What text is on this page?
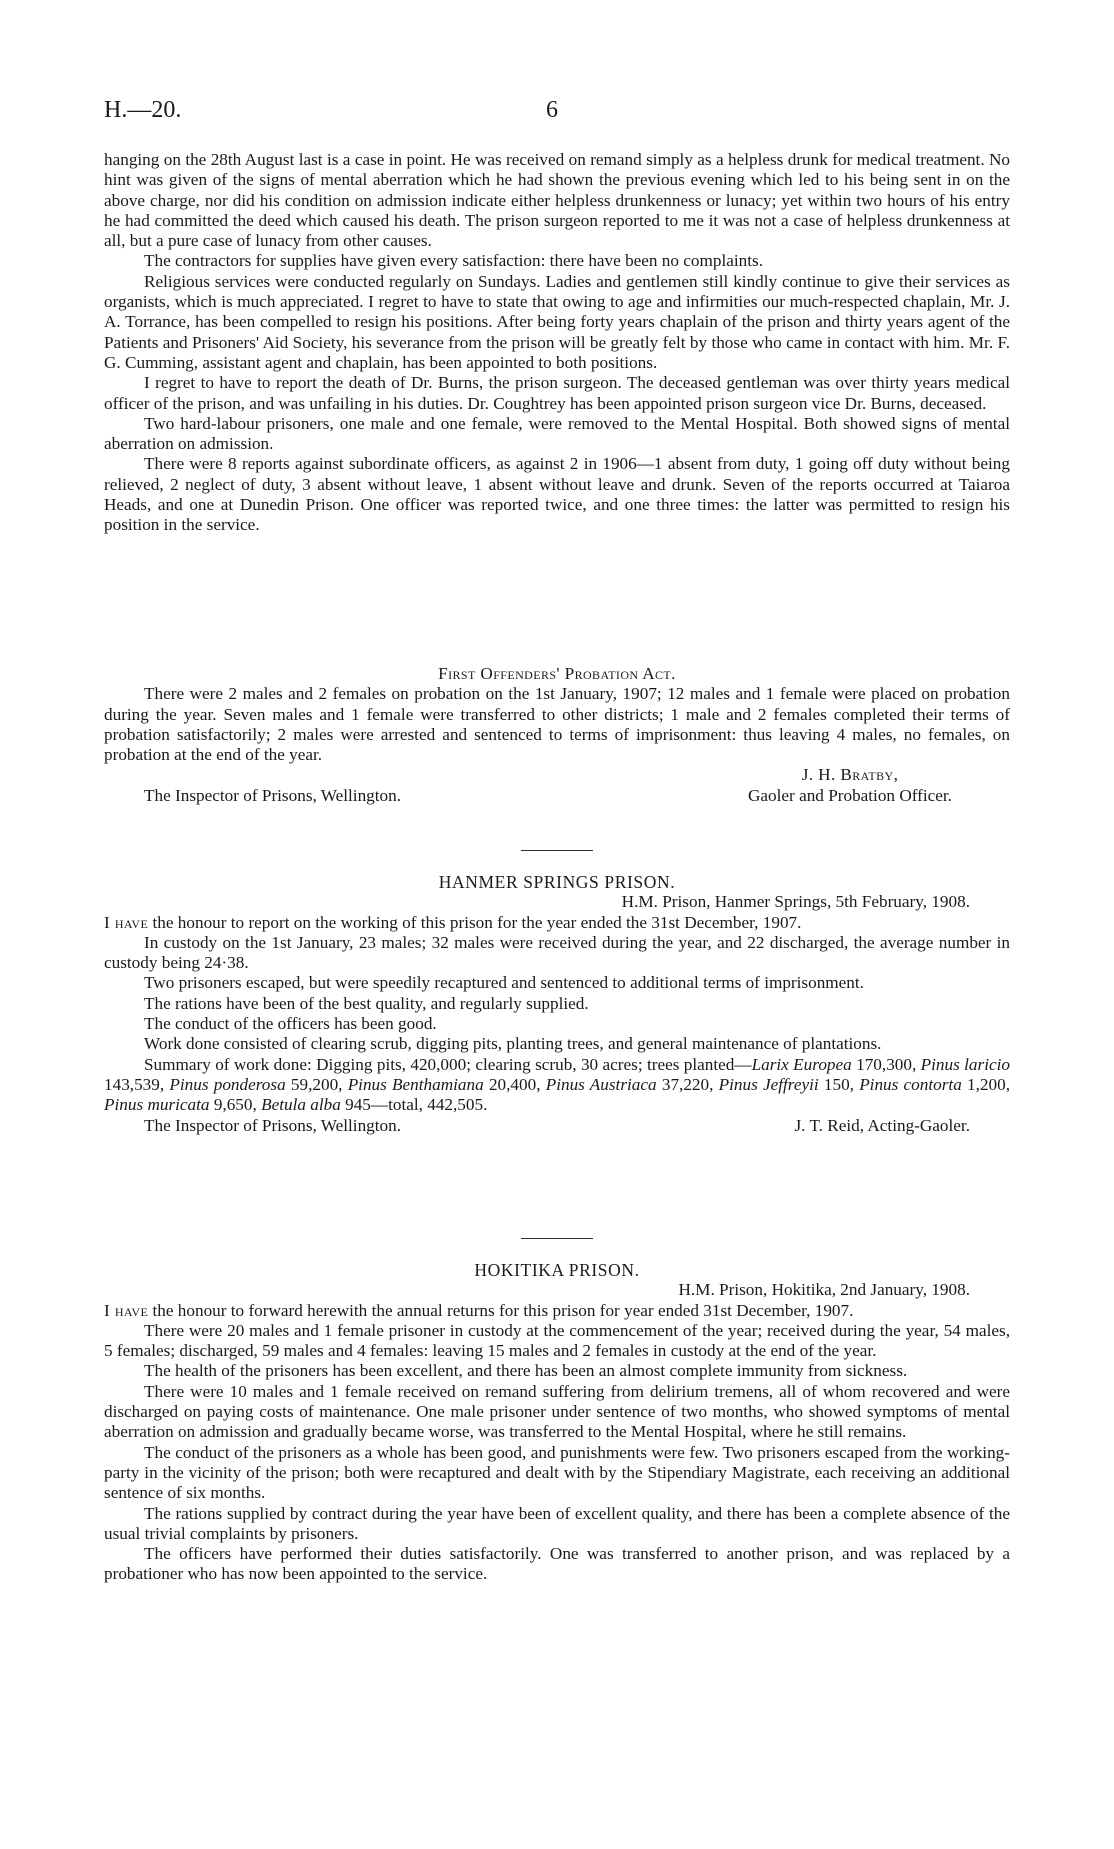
H.—20.	6

hanging on the 28th August last is a case in point. He was received on remand simply as a helpless drunk for medical treatment. No hint was given of the signs of mental aberration which he had shown the previous evening which led to his being sent in on the above charge, nor did his condition on admission indicate either helpless drunkenness or lunacy; yet within two hours of his entry he had committed the deed which caused his death. The prison surgeon reported to me it was not a case of helpless drunkenness at all, but a pure case of lunacy from other causes.

The contractors for supplies have given every satisfaction: there have been no complaints.

Religious services were conducted regularly on Sundays. Ladies and gentlemen still kindly continue to give their services as organists, which is much appreciated. I regret to have to state that owing to age and infirmities our much-respected chaplain, Mr. J. A. Torrance, has been compelled to resign his positions. After being forty years chaplain of the prison and thirty years agent of the Patients and Prisoners' Aid Society, his severance from the prison will be greatly felt by those who came in contact with him. Mr. F. G. Cumming, assistant agent and chaplain, has been appointed to both positions.

I regret to have to report the death of Dr. Burns, the prison surgeon. The deceased gentleman was over thirty years medical officer of the prison, and was unfailing in his duties. Dr. Coughtrey has been appointed prison surgeon vice Dr. Burns, deceased.

Two hard-labour prisoners, one male and one female, were removed to the Mental Hospital. Both showed signs of mental aberration on admission.

There were 8 reports against subordinate officers, as against 2 in 1906—1 absent from duty, 1 going off duty without being relieved, 2 neglect of duty, 3 absent without leave, 1 absent without leave and drunk. Seven of the reports occurred at Taiaroa Heads, and one at Dunedin Prison. One officer was reported twice, and one three times: the latter was permitted to resign his position in the service.

First Offenders' Probation Act.

There were 2 males and 2 females on probation on the 1st January, 1907; 12 males and 1 female were placed on probation during the year. Seven males and 1 female were transferred to other districts; 1 male and 2 females completed their terms of probation satisfactorily; 2 males were arrested and sentenced to terms of imprisonment: thus leaving 4 males, no females, on probation at the end of the year.

J. H. Bratby,
The Inspector of Prisons, Wellington.	Gaoler and Probation Officer.

HANMER SPRINGS PRISON.

H.M. Prison, Hanmer Springs, 5th February, 1908.

I have the honour to report on the working of this prison for the year ended the 31st December, 1907.

In custody on the 1st January, 23 males; 32 males were received during the year, and 22 discharged, the average number in custody being 24·38.

Two prisoners escaped, but were speedily recaptured and sentenced to additional terms of imprisonment.

The rations have been of the best quality, and regularly supplied.

The conduct of the officers has been good.

Work done consisted of clearing scrub, digging pits, planting trees, and general maintenance of plantations.

Summary of work done: Digging pits, 420,000; clearing scrub, 30 acres; trees planted—Larix Europea 170,300, Pinus laricio 143,539, Pinus ponderosa 59,200, Pinus Benthamiana 20,400, Pinus Austriaca 37,220, Pinus Jeffreyii 150, Pinus contorta 1,200, Pinus muricata 9,650, Betula alba 945—total, 442,505.

The Inspector of Prisons, Wellington.	J. T. Reid, Acting-Gaoler.

HOKITIKA PRISON.

H.M. Prison, Hokitika, 2nd January, 1908.

I have the honour to forward herewith the annual returns for this prison for year ended 31st December, 1907.

There were 20 males and 1 female prisoner in custody at the commencement of the year; received during the year, 54 males, 5 females; discharged, 59 males and 4 females: leaving 15 males and 2 females in custody at the end of the year.

The health of the prisoners has been excellent, and there has been an almost complete immunity from sickness.

There were 10 males and 1 female received on remand suffering from delirium tremens, all of whom recovered and were discharged on paying costs of maintenance. One male prisoner under sentence of two months, who showed symptoms of mental aberration on admission and gradually became worse, was transferred to the Mental Hospital, where he still remains.

The conduct of the prisoners as a whole has been good, and punishments were few. Two prisoners escaped from the working-party in the vicinity of the prison; both were recaptured and dealt with by the Stipendiary Magistrate, each receiving an additional sentence of six months.

The rations supplied by contract during the year have been of excellent quality, and there has been a complete absence of the usual trivial complaints by prisoners.

The officers have performed their duties satisfactorily. One was transferred to another prison, and was replaced by a probationer who has now been appointed to the service.
